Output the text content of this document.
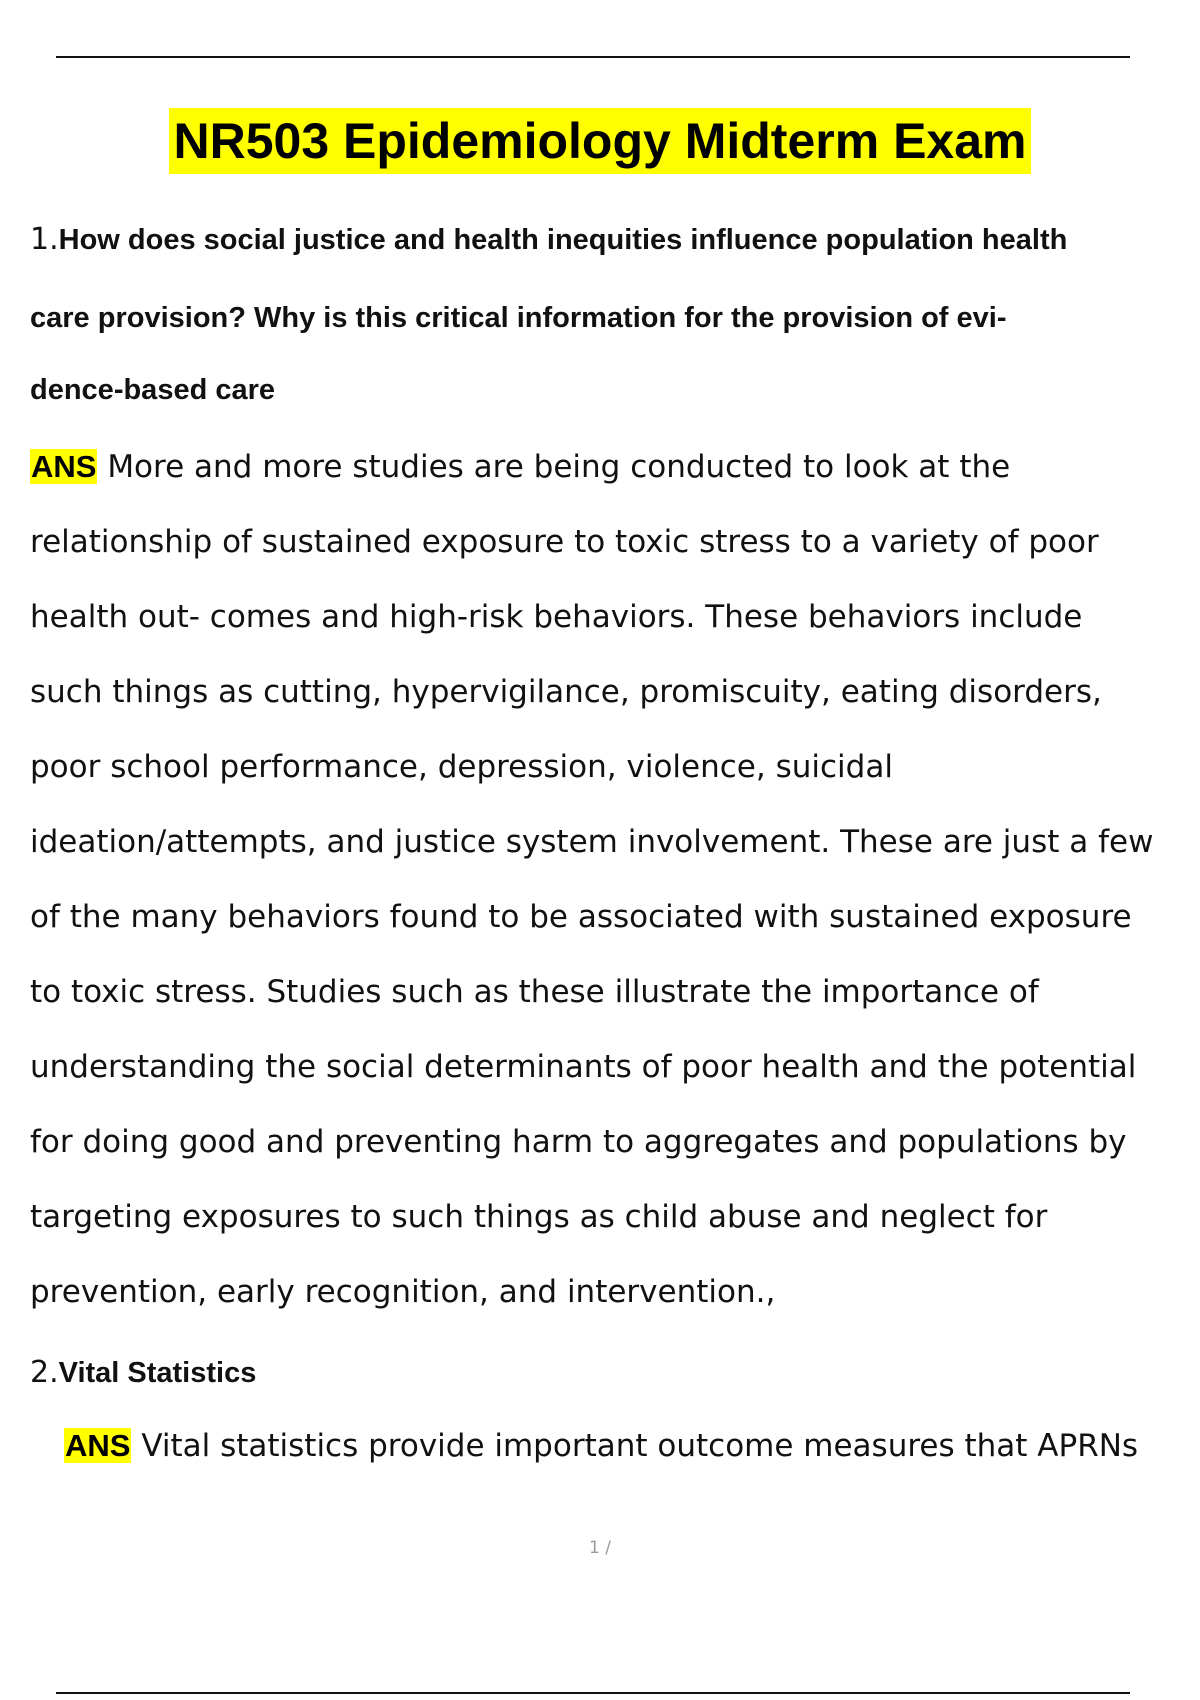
NR503 Epidemiology Midterm Exam
1.How does social justice and health inequities influence population health
care provision? Why is this critical information for the provision of evi-
dence-based care
ANS More and more studies are being conducted to look at the
relationship of sustained exposure to toxic stress to a variety of poor
health out- comes and high-risk behaviors. These behaviors include
such things as cutting, hypervigilance, promiscuity, eating disorders,
poor school performance, depression, violence, suicidal
ideation/attempts, and justice system involvement. These are just a few
of the many behaviors found to be associated with sustained exposure
to toxic stress. Studies such as these illustrate the importance of
understanding the social determinants of poor health and the potential
for doing good and preventing harm to aggregates and populations by
targeting exposures to such things as child abuse and neglect for
prevention, early recognition, and intervention.,
2.Vital Statistics
ANS Vital statistics provide important outcome measures that APRNs
1 /
